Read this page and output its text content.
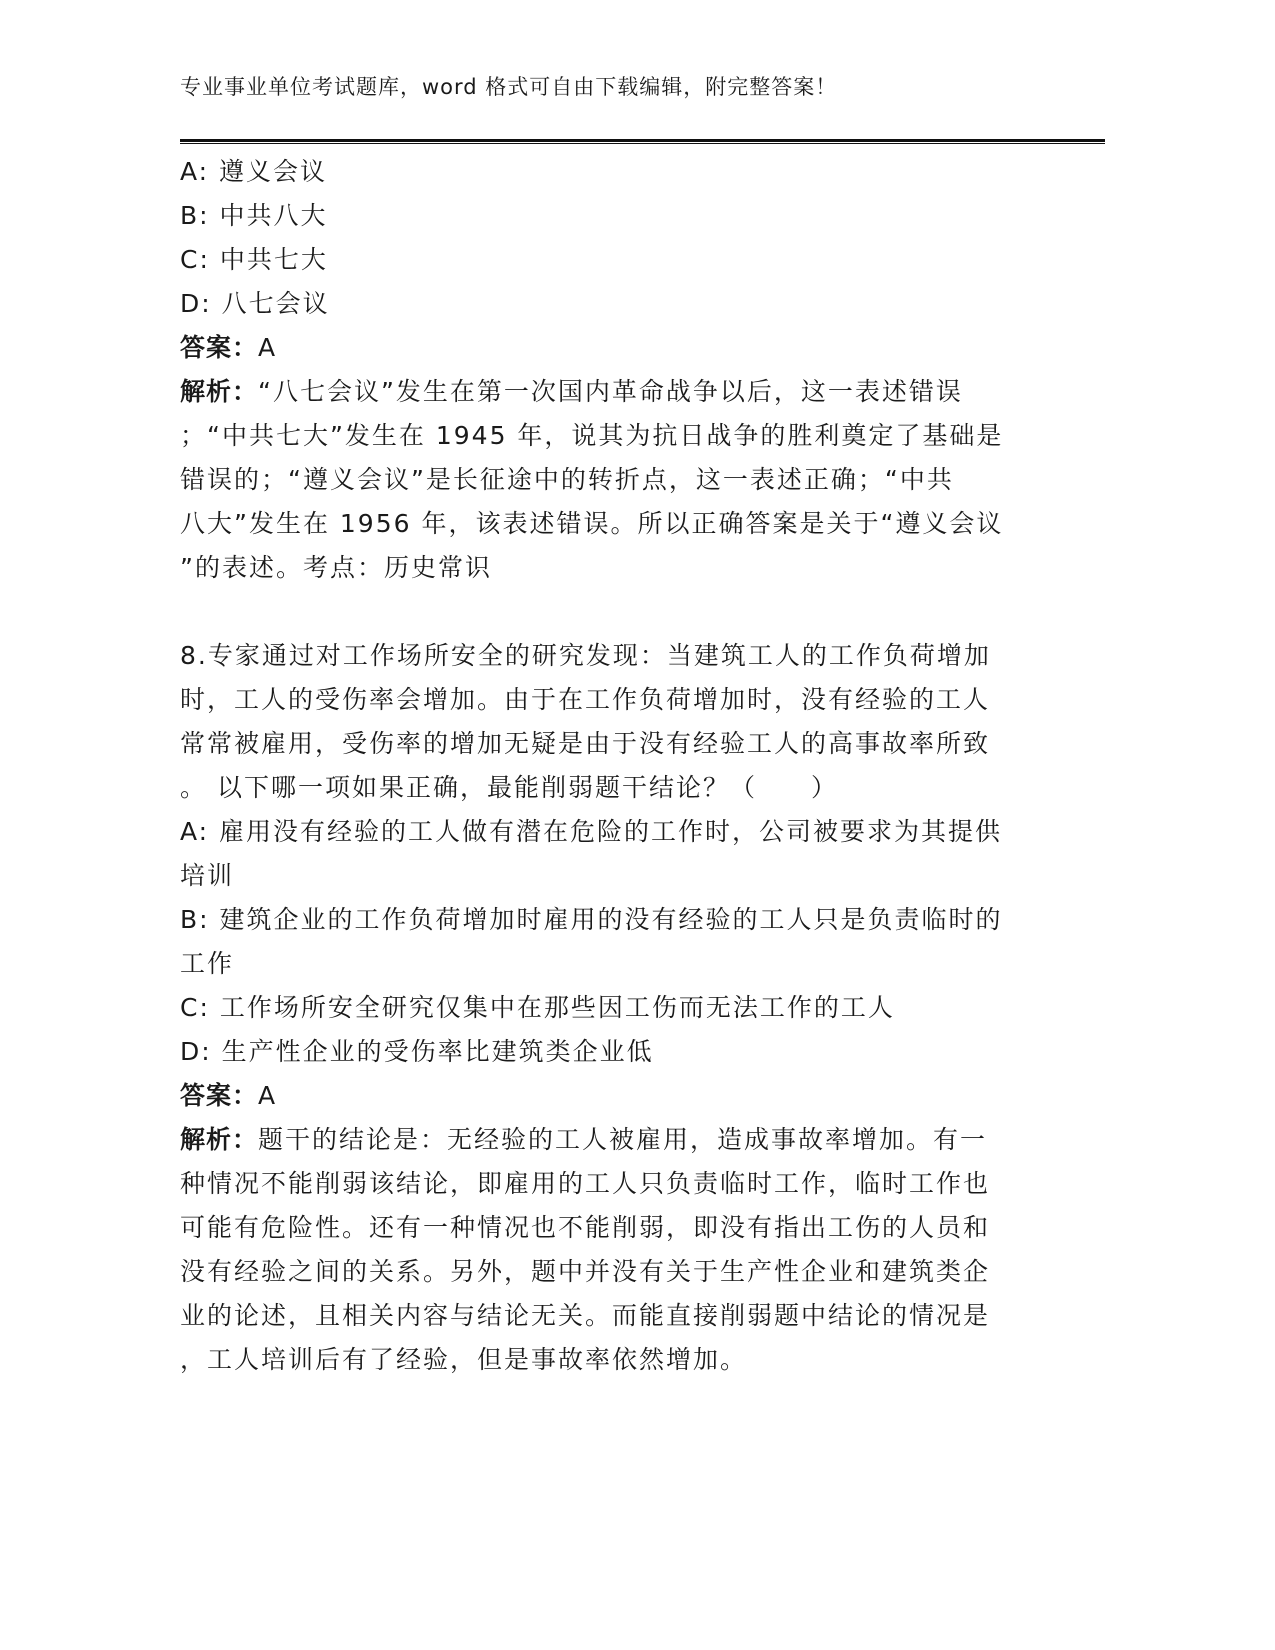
专业事业单位考试题库，word 格式可自由下载编辑，附完整答案！
A: 遵义会议
B: 中共八大
C: 中共七大
D: 八七会议
答案：A
解析：“八七会议”发生在第一次国内革命战争以后，这一表述错误
；“中共七大”发生在 1945 年，说其为抗日战争的胜利奠定了基础是
错误的；“遵义会议”是长征途中的转折点，这一表述正确；“中共
八大”发生在 1956 年，该表述错误。所以正确答案是关于“遵义会议
”的表述。考点：历史常识
8.专家通过对工作场所安全的研究发现：当建筑工人的工作负荷增加
时，工人的受伤率会增加。由于在工作负荷增加时，没有经验的工人
常常被雇用，受伤率的增加无疑是由于没有经验工人的高事故率所致
。 以下哪一项如果正确，最能削弱题干结论？（　　）
A: 雇用没有经验的工人做有潜在危险的工作时，公司被要求为其提供
培训
B: 建筑企业的工作负荷增加时雇用的没有经验的工人只是负责临时的
工作
C: 工作场所安全研究仅集中在那些因工伤而无法工作的工人
D: 生产性企业的受伤率比建筑类企业低
答案：A
解析：题干的结论是：无经验的工人被雇用，造成事故率增加。有一
种情况不能削弱该结论，即雇用的工人只负责临时工作，临时工作也
可能有危险性。还有一种情况也不能削弱，即没有指出工伤的人员和
没有经验之间的关系。另外，题中并没有关于生产性企业和建筑类企
业的论述，且相关内容与结论无关。而能直接削弱题中结论的情况是
，工人培训后有了经验，但是事故率依然增加。
